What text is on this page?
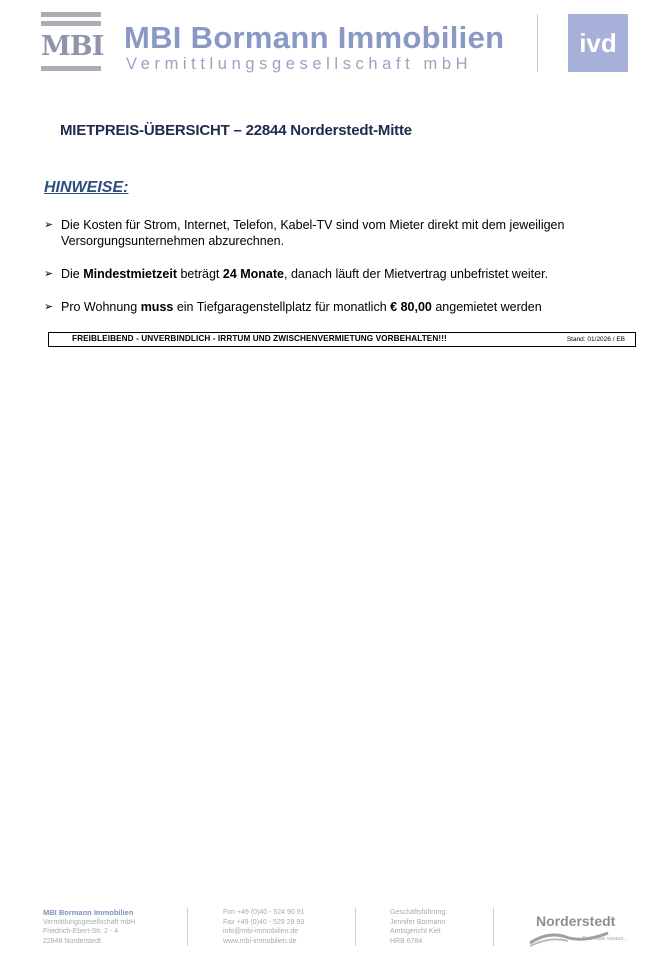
MBI MBI Bormann Immobilien
Vermittlungsgesellschaft mbH
ivd
MIETPREIS-ÜBERSICHT – 22844 Norderstedt-Mitte
HINWEISE:
➢ Die Kosten für Strom, Internet, Telefon, Kabel-TV sind vom Mieter direkt mit dem jeweiligen
Versorgungsunternehmen abzurechnen.
➢ Die Mindestmietzeit beträgt 24 Monate, danach läuft der Mietvertrag unbefristet weiter.
➢ Pro Wohnung muss ein Tiefgaragenstellplatz für monatlich € 80,00 angemietet werden
FREIBLEIBEND - UNVERBINDLICH - IRRTUM UND ZWISCHENVERMIETUNG VORBEHALTEN!!!	Stand: 01/2026 / EB
MBI Bormann Immobilien
Vermittlungsgesellschaft mbH
Friedrich-Ebert-Str. 2 - 4
22848 Norderstedt
Fon +49 (0)40 - 524 90 91
Fax +49 (0)40 - 529 29 93
info@mbi-immobilien.de
www.mbi-immobilien.de
Geschäftsführung:
Jennifer Bormann
Amtsgericht Kiel
HRB 6784
Norderstedt
Eine Idee voraus...
